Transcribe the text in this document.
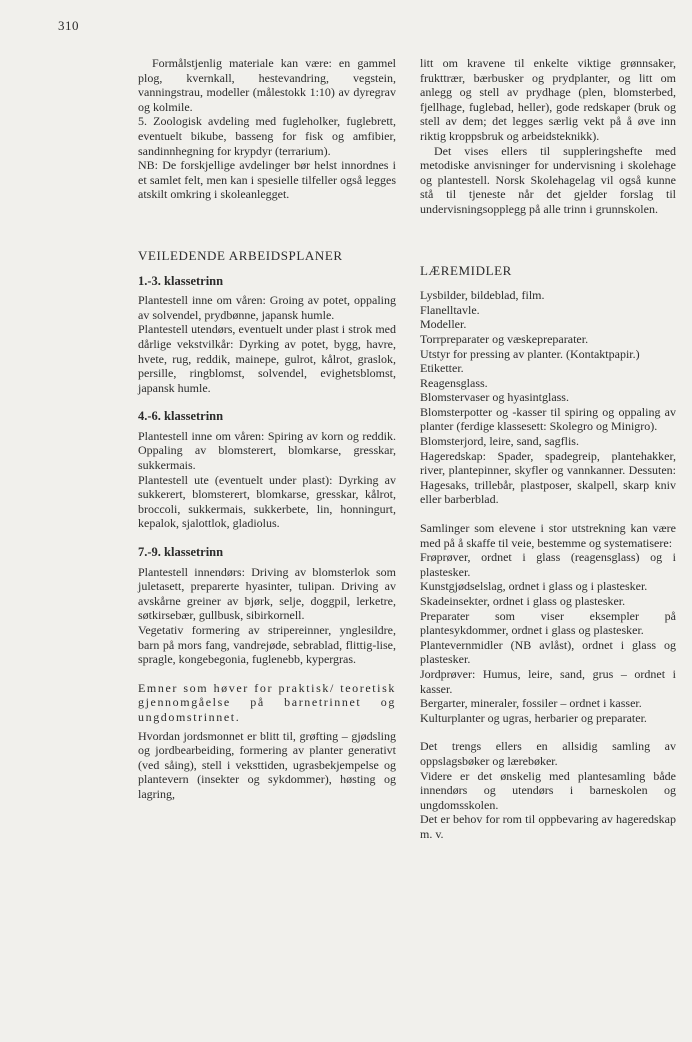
310

Formålstjenlig materiale kan være: en gammel plog, kvernkall, hestevandring, vegstein, vanningstrau, modeller (målestokk 1:10) av dyregrav og kolmile.

5. Zoologisk avdeling med fugleholker, fuglebrett, eventuelt bikube, basseng for fisk og amfibier, sandinnhegning for krypdyr (terrarium).

NB: De forskjellige avdelinger bør helst innordnes i et samlet felt, men kan i spesielle tilfeller også legges atskilt omkring i skoleanlegget.

VEILEDENDE ARBEIDSPLANER
1.-3. klassetrinn

Plantestell inne om våren: Groing av potet, oppaling av solvendel, prydbønne, japansk humle.

Plantestell utendørs, eventuelt under plast i strok med dårlige vekstvilkår: Dyrking av potet, bygg, havre, hvete, rug, reddik, mainepe, gulrot, kålrot, graslok, persille, ringblomst, solvendel, evighetsblomst, japansk humle.

4.-6. klassetrinn

Plantestell inne om våren: Spiring av korn og reddik. Oppaling av blomsterert, blomkarse, gresskar, sukkermais.

Plantestell ute (eventuelt under plast): Dyrking av sukkerert, blomsterert, blomkarse, gresskar, kålrot, broccoli, sukkermais, sukkerbete, lin, honningurt, kepalok, sjalottlok, gladiolus.

7.-9. klassetrinn

Plantestell innendørs: Driving av blomsterlok som juletasett, preparerte hyasinter, tulipan. Driving av avskårne greiner av bjørk, selje, doggpil, lerketre, søtkirsebær, gullbusk, sibirkornell.

Vegetativ formering av stripereinner, ynglesildre, barn på mors fang, vandrejøde, sebrablad, flittig-lise, spragle, kongebegonia, fuglenebb, kypergras.

Emner som høver for praktisk/ teoretisk gjennomgåelse på barnetrinnet og ungdomstrinnet.

Hvordan jordsmonnet er blitt til, grøfting – gjødsling og jordbearbeiding, formering av planter generativt (ved såing), stell i veksttiden, ugrasbekjempelse og plantevern (insekter og sykdommer), høsting og lagring,

litt om kravene til enkelte viktige grønnsaker, frukttrær, bærbusker og prydplanter, og litt om anlegg og stell av prydhage (plen, blomsterbed, fjellhage, fuglebad, heller), gode redskaper (bruk og stell av dem; det legges særlig vekt på å øve inn riktig kroppsbruk og arbeidsteknikk).

Det vises ellers til suppleringshefte med metodiske anvisninger for undervisning i skolehage og plantestell. Norsk Skolehagelag vil også kunne stå til tjeneste når det gjelder forslag til undervisningsopplegg på alle trinn i grunnskolen.

LÆREMIDLER

Lysbilder, bildeblad, film.

Flanelltavle.

Modeller.

Torrpreparater og væskepreparater.

Utstyr for pressing av planter. (Kontaktpapir.)

Etiketter.

Reagensglass.

Blomstervaser og hyasintglass.

Blomsterpotter og -kasser til spiring og oppaling av planter (ferdige klassesett: Skolegro og Minigro).

Blomsterjord, leire, sand, sagflis.

Hageredskap: Spader, spadegreip, plantehakker, river, plantepinner, skyfler og vannkanner. Dessuten: Hagesaks, trillebår, plastposer, skalpell, skarp kniv eller barberblad.

Samlinger som elevene i stor utstrekning kan være med på å skaffe til veie, bestemme og systematisere:

Frøprøver, ordnet i glass (reagensglass) og i plastesker.

Kunstgjødselslag, ordnet i glass og i plastesker.

Skadeinsekter, ordnet i glass og plastesker.

Preparater som viser eksempler på plantesykdommer, ordnet i glass og plastesker.

Plantevernmidler (NB avlåst), ordnet i glass og plastesker.

Jordprøver: Humus, leire, sand, grus – ordnet i kasser.

Bergarter, mineraler, fossiler – ordnet i kasser.

Kulturplanter og ugras, herbarier og preparater.

Det trengs ellers en allsidig samling av oppslagsbøker og lærebøker.

Videre er det ønskelig med plantesamling både innendørs og utendørs i barneskolen og ungdomsskolen.

Det er behov for rom til oppbevaring av hageredskap m. v.
